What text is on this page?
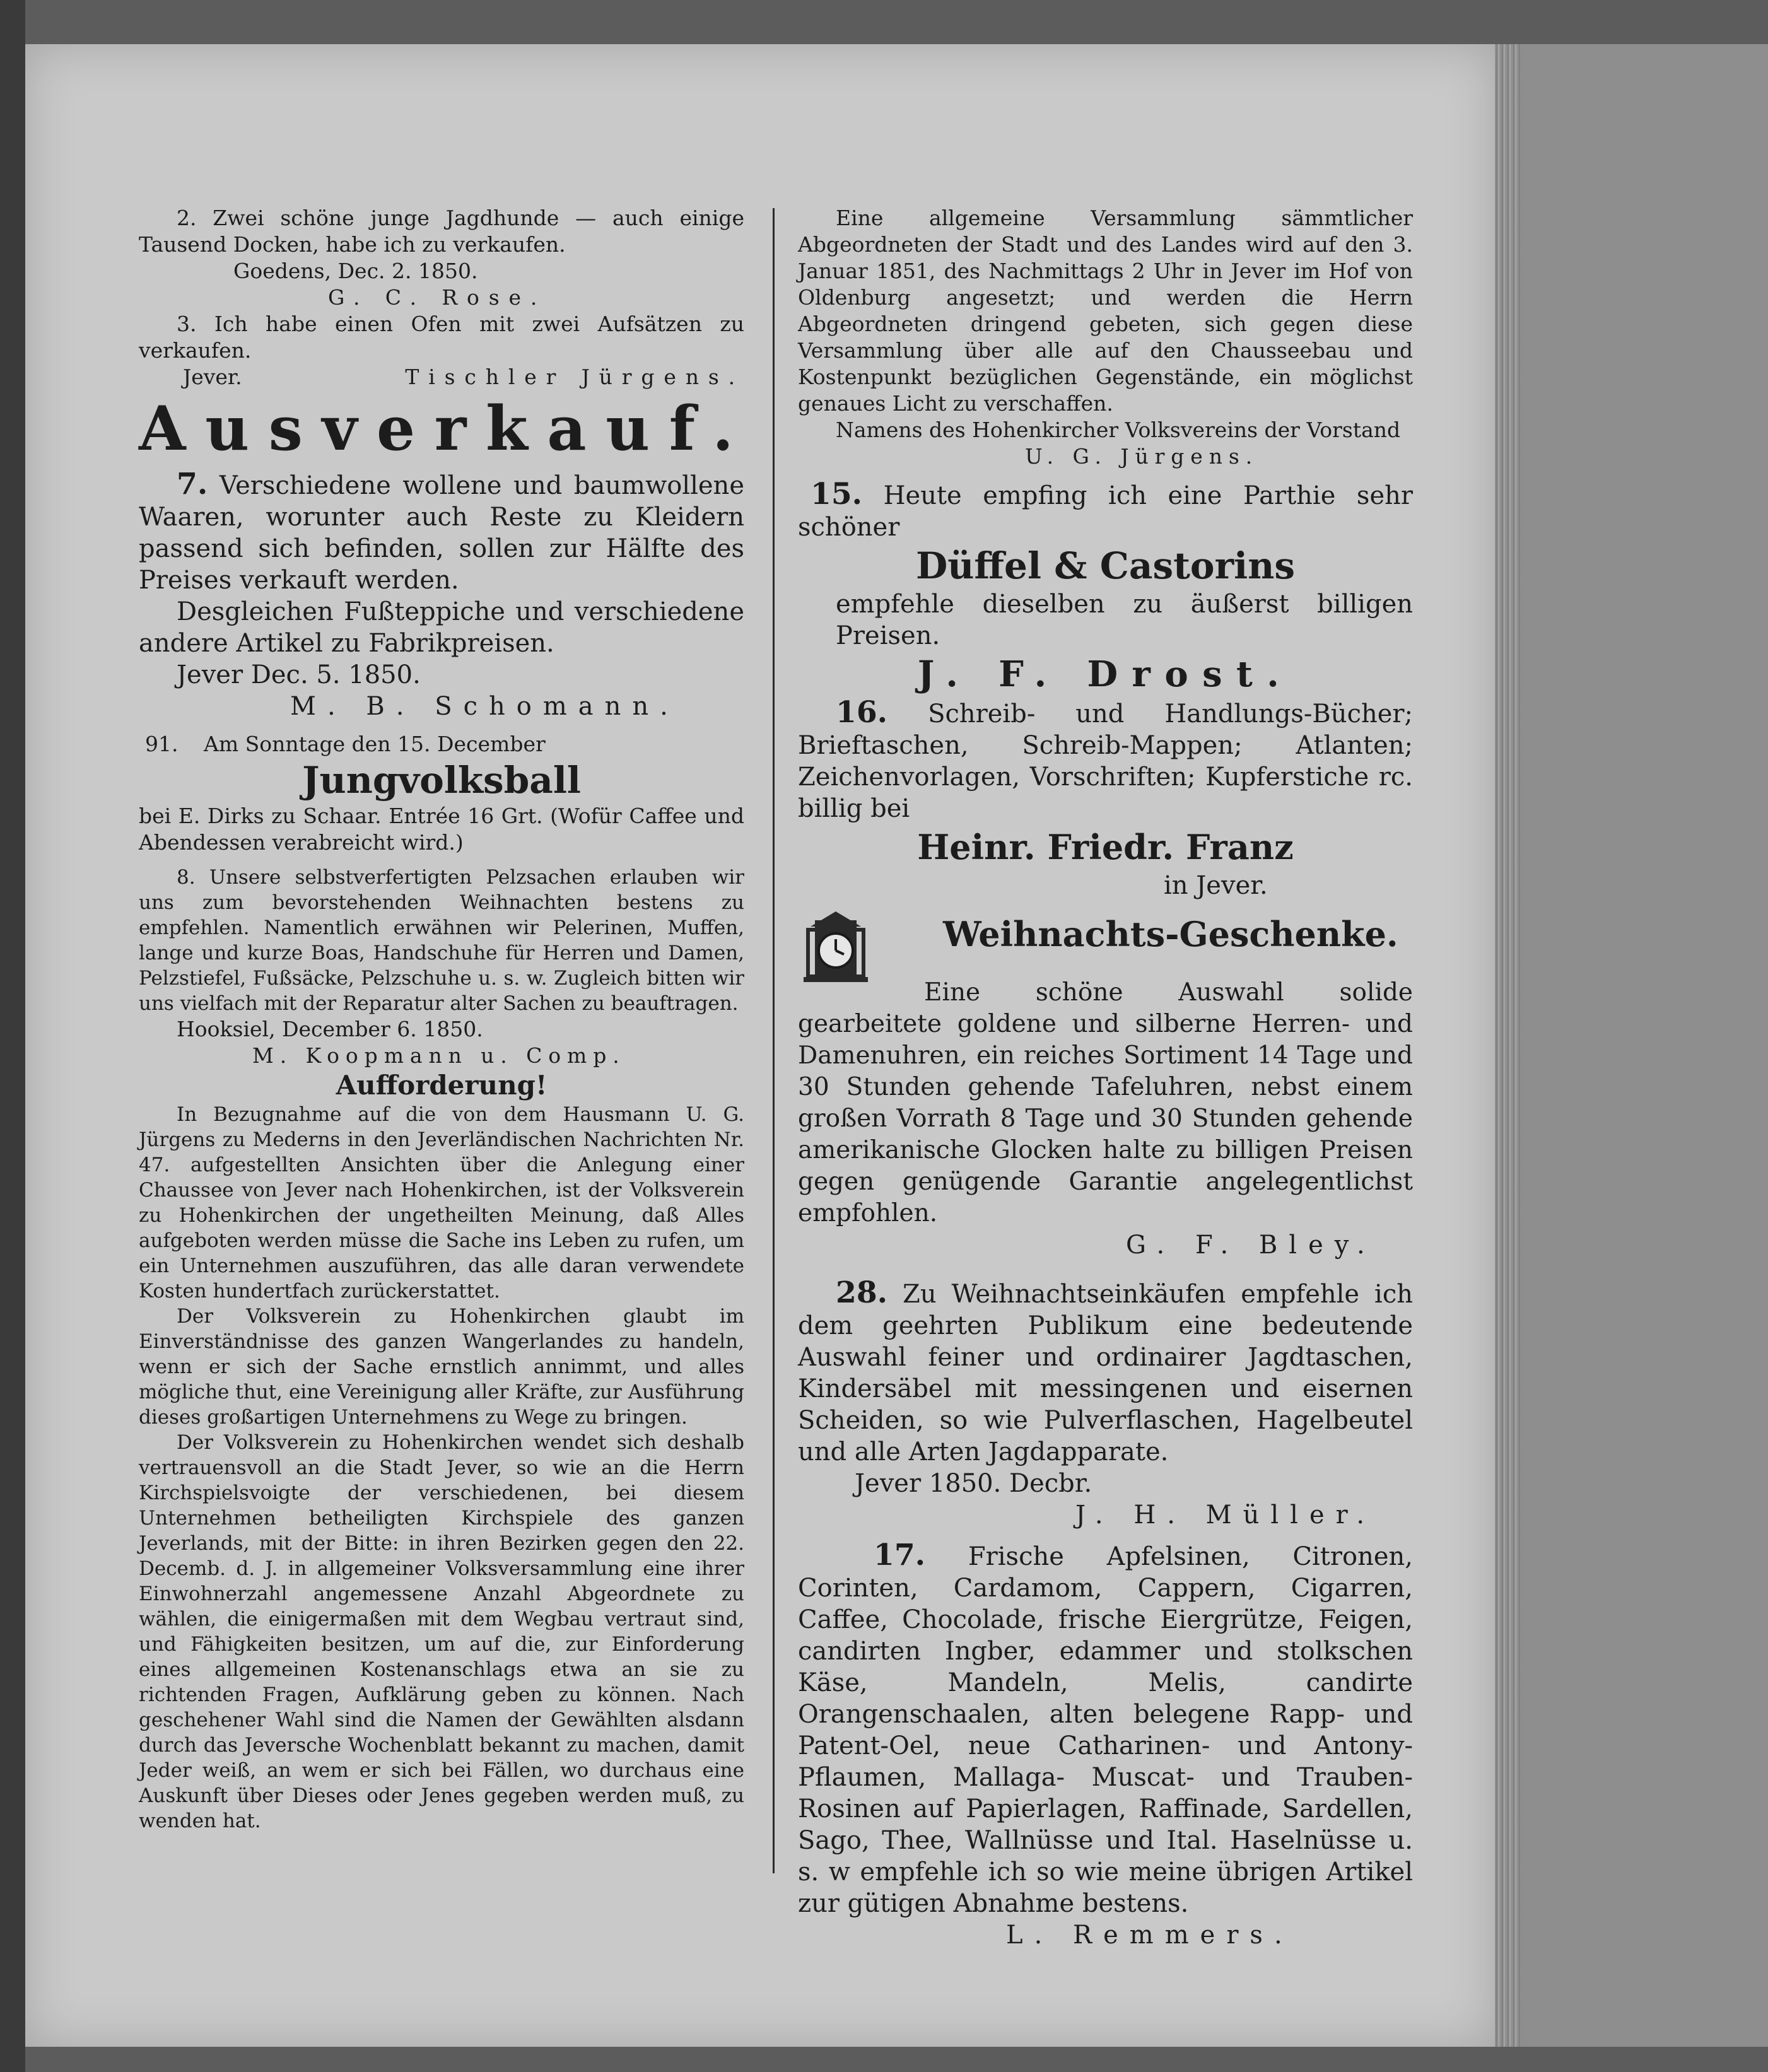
2. Zwei schöne junge Jagdhunde — auch einige Tausend Docken, habe ich zu verkaufen.

Goedens, Dec. 2. 1850.

G. C. Rose.

3. Ich habe einen Ofen mit zwei Aufsätzen zu verkaufen.

Jever.	Tischler Jürgens.

Ausverkauf.

7. Verschiedene wollene und baumwollene Waaren, worunter auch Reste zu Kleidern passend sich befinden, sollen zur Hälfte des Preises verkauft werden.

Desgleichen Fußteppiche und verschiedene andere Artikel zu Fabrikpreisen.

Jever Dec. 5. 1850.

M. B. Schomann.

91. Am Sonntage den 15. December

Jungvolksball

bei E. Dirks zu Schaar. Entrée 16 Grt. (Wofür Caffee und Abendessen verabreicht wird.)

8. Unsere selbstverfertigten Pelzsachen erlauben wir uns zum bevorstehenden Weihnachten bestens zu empfehlen. Namentlich erwähnen wir Pelerinen, Muffen, lange und kurze Boas, Handschuhe für Herren und Damen, Pelzstiefel, Fußsäcke, Pelzschuhe u. s. w. Zugleich bitten wir uns vielfach mit der Reparatur alter Sachen zu beauftragen.

Hooksiel, December 6. 1850.

M. Koopmann u. Comp.

Aufforderung!

In Bezugnahme auf die von dem Hausmann U. G. Jürgens zu Mederns in den Jeverländischen Nachrichten Nr. 47. aufgestellten Ansichten über die Anlegung einer Chaussee von Jever nach Hohenkirchen, ist der Volksverein zu Hohenkirchen der ungetheilten Meinung, daß Alles aufgeboten werden müsse die Sache ins Leben zu rufen, um ein Unternehmen auszuführen, das alle daran verwendete Kosten hundertfach zurückerstattet.

Der Volksverein zu Hohenkirchen glaubt im Einverständnisse des ganzen Wangerlandes zu handeln, wenn er sich der Sache ernstlich annimmt, und alles mögliche thut, eine Vereinigung aller Kräfte, zur Ausführung dieses großartigen Unternehmens zu Wege zu bringen.

Der Volksverein zu Hohenkirchen wendet sich deshalb vertrauensvoll an die Stadt Jever, so wie an die Herrn Kirchspielsvoigte der verschiedenen, bei diesem Unternehmen betheiligten Kirchspiele des ganzen Jeverlands, mit der Bitte: in ihren Bezirken gegen den 22. Decemb. d. J. in allgemeiner Volksversammlung eine ihrer Einwohnerzahl angemessene Anzahl Abgeordnete zu wählen, die einigermaßen mit dem Wegbau vertraut sind, und Fähigkeiten besitzen, um auf die, zur Einforderung eines allgemeinen Kostenanschlags etwa an sie zu richtenden Fragen, Aufklärung geben zu können. Nach geschehener Wahl sind die Namen der Gewählten alsdann durch das Jeversche Wochenblatt bekannt zu machen, damit Jeder weiß, an wem er sich bei Fällen, wo durchaus eine Auskunft über Dieses oder Jenes gegeben werden muß, zu wenden hat.

Eine allgemeine Versammlung sämmtlicher Abgeordneten der Stadt und des Landes wird auf den 3. Januar 1851, des Nachmittags 2 Uhr in Jever im Hof von Oldenburg angesetzt; und werden die Herrn Abgeordneten dringend gebeten, sich gegen diese Versammlung über alle auf den Chausseebau und Kostenpunkt bezüglichen Gegenstände, ein möglichst genaues Licht zu verschaffen.

Namens des Hohenkircher Volksvereins der Vorstand

U. G. Jürgens.

15. Heute empfing ich eine Parthie sehr schöner

Düffel & Castorins

empfehle dieselben zu äußerst billigen Preisen.

J. F. Drost.

16. Schreib- und Handlungs-Bücher; Brieftaschen, Schreib-Mappen; Atlanten; Zeichenvorlagen, Vorschriften; Kupferstiche rc. billig bei

Heinr. Friedr. Franz

in Jever.

Weihnachts-Geschenke.

Eine schöne Auswahl solide gearbeitete goldene und silberne Herren- und Damenuhren, ein reiches Sortiment 14 Tage und 30 Stunden gehende Tafeluhren, nebst einem großen Vorrath 8 Tage und 30 Stunden gehende amerikanische Glocken halte zu billigen Preisen gegen genügende Garantie angelegentlichst empfohlen.

G. F. Bley.

28. Zu Weihnachtseinkäufen empfehle ich dem geehrten Publikum eine bedeutende Auswahl feiner und ordinairer Jagdtaschen, Kindersäbel mit messingenen und eisernen Scheiden, so wie Pulverflaschen, Hagelbeutel und alle Arten Jagdapparate.

Jever 1850. Decbr.

J. H. Müller.

17. Frische Apfelsinen, Citronen, Corinten, Cardamom, Cappern, Cigarren, Caffee, Chocolade, frische Eiergrütze, Feigen, candirten Ingber, edammer und stolkschen Käse, Mandeln, Melis, candirte Orangenschaalen, alten belegene Rapp- und Patent-Oel, neue Catharinen- und Antony-Pflaumen, Mallaga- Muscat- und Trauben-Rosinen auf Papierlagen, Raffinade, Sardellen, Sago, Thee, Wallnüsse und Ital. Haselnüsse u. s. w empfehle ich so wie meine übrigen Artikel zur gütigen Abnahme bestens.

L. Remmers.
